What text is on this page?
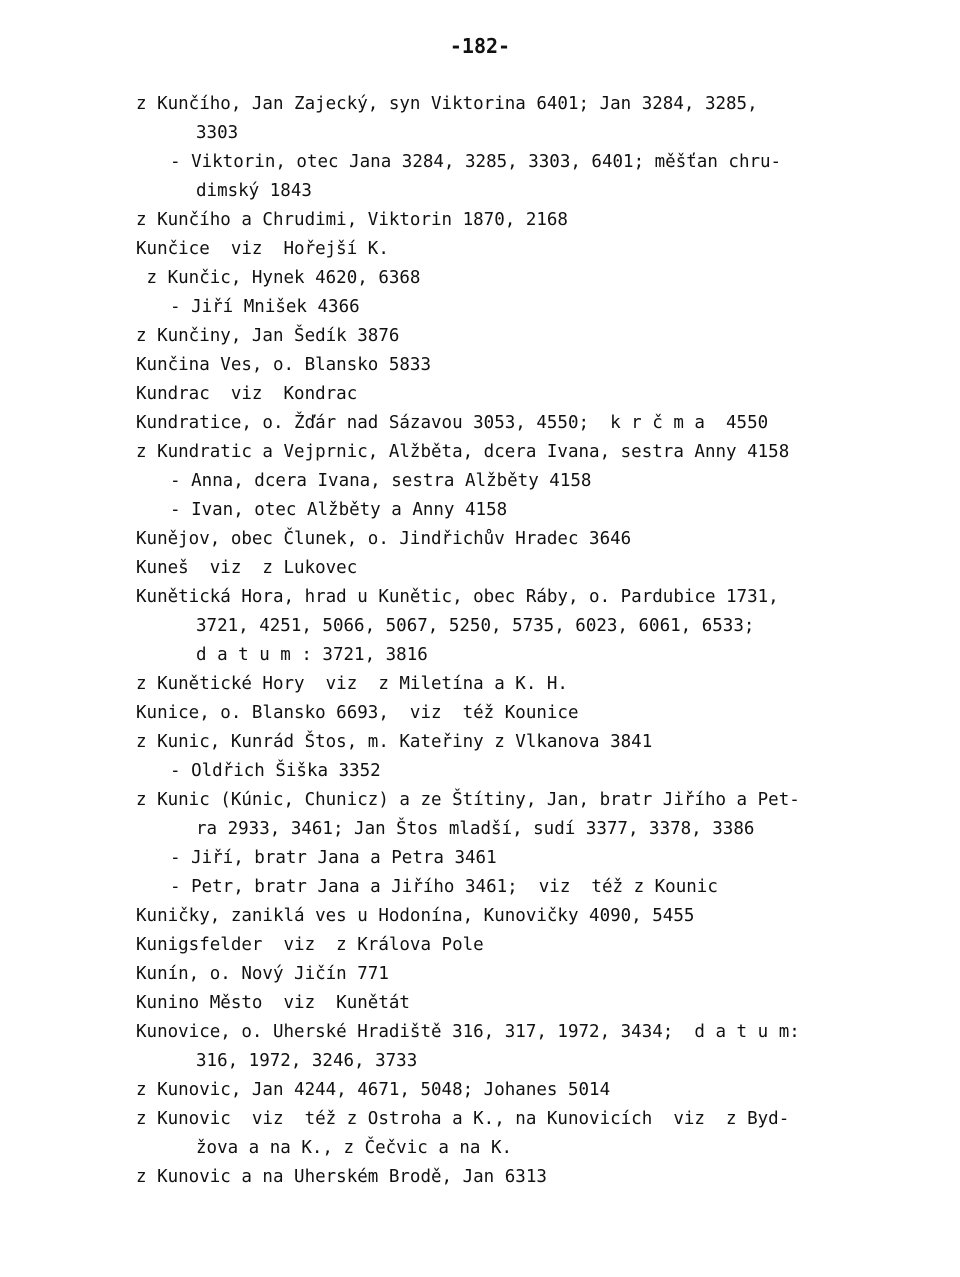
-182-
z Kunčího, Jan Zajecký, syn Viktorina 6401; Jan 3284, 3285,
3303
- Viktorin, otec Jana 3284, 3285, 3303, 6401; měšťan chru-
dimský 1843
z Kunčího a Chrudimi, Viktorin 1870, 2168
Kunčice  viz  Hořejší K.
z Kunčic, Hynek 4620, 6368
- Jiří Mnišek 4366
z Kunčiny, Jan Šedík 3876
Kunčina Ves, o. Blansko 5833
Kundrac  viz  Kondrac
Kundratice, o. Žďár nad Sázavou 3053, 4550;  k r č m a  4550
z Kundratic a Vejprnic, Alžběta, dcera Ivana, sestra Anny 4158
- Anna, dcera Ivana, sestra Alžběty 4158
- Ivan, otec Alžběty a Anny 4158
Kunějov, obec Člunek, o. Jindřichův Hradec 3646
Kuneš  viz  z Lukovec
Kunětická Hora, hrad u Kunětic, obec Ráby, o. Pardubice 1731,
3721, 4251, 5066, 5067, 5250, 5735, 6023, 6061, 6533;
d a t u m : 3721, 3816
z Kunětické Hory  viz  z Miletína a K. H.
Kunice, o. Blansko 6693,  viz  též Kounice
z Kunic, Kunrád Štos, m. Kateřiny z Vlkanova 3841
- Oldřich Šiška 3352
z Kunic (Kúnic, Chunicz) a ze Štítiny, Jan, bratr Jiřího a Pet-
ra 2933, 3461; Jan Štos mladší, sudí 3377, 3378, 3386
- Jiří, bratr Jana a Petra 3461
- Petr, bratr Jana a Jiřího 3461;  viz  též z Kounic
Kuničky, zaniklá ves u Hodonína, Kunovičky 4090, 5455
Kunigsfelder  viz  z Králova Pole
Kunín, o. Nový Jičín 771
Kunino Město  viz  Kunětát
Kunovice, o. Uherské Hradiště 316, 317, 1972, 3434;  d a t u m:
316, 1972, 3246, 3733
z Kunovic, Jan 4244, 4671, 5048; Johanes 5014
z Kunovic  viz  též z Ostroha a K., na Kunovicích  viz  z Byd-
žova a na K., z Čečvic a na K.
z Kunovic a na Uherském Brodě, Jan 6313
